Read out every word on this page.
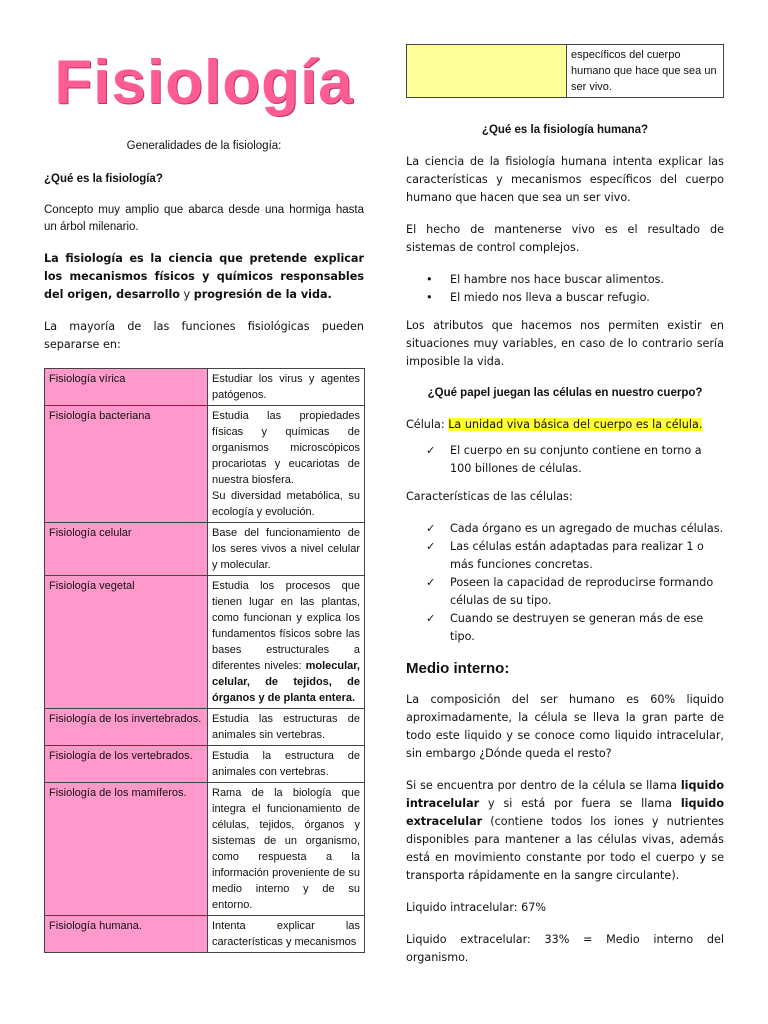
Fisiología
Generalidades de la fisiología:
¿Qué es la fisiología?
Concepto muy amplio que abarca desde una hormiga hasta un árbol milenario.
La fisiología es la ciencia que pretende explicar los mecanismos físicos y químicos responsables del origen, desarrollo y progresión de la vida.
La mayoría de las funciones fisiológicas pueden separarse en:
Fisiología vírica	Estudiar los virus y agentes patógenos.
Fisiología bacteriana	Estudia las propiedades físicas y químicas de organismos microscópicos procariotas y eucariotas de nuestra biosfera.
Su diversidad metabólica, su ecología y evolución.
Fisiología celular	Base del funcionamiento de los seres vivos a nivel celular y molecular.
Fisiología vegetal	Estudia los procesos que tienen lugar en las plantas, como funcionan y explica los fundamentos físicos sobre las bases estructurales a diferentes niveles: molecular, celular, de tejidos, de órganos y de planta entera.
Fisiología de los invertebrados.	Estudia las estructuras de animales sin vertebras.
Fisiología de los vertebrados.	Estudia la estructura de animales con vertebras.
Fisiología de los mamíferos.	Rama de la biología que integra el funcionamiento de células, tejidos, órganos y sistemas de un organismo, como respuesta a la información proveniente de su medio interno y de su entorno.
Fisiología humana.	Intenta explicar las características y mecanismos
	específicos del cuerpo humano que hace que sea un ser vivo.
¿Qué es la fisiología humana?
La ciencia de la fisiología humana intenta explicar las características y mecanismos específicos del cuerpo humano que hacen que sea un ser vivo.
El hecho de mantenerse vivo es el resultado de sistemas de control complejos.
• El hambre nos hace buscar alimentos.
• El miedo nos lleva a buscar refugio.
Los atributos que hacemos nos permiten existir en situaciones muy variables, en caso de lo contrario sería imposible la vida.
¿Qué papel juegan las células en nuestro cuerpo?
Célula: La unidad viva básica del cuerpo es la célula.
✓ El cuerpo en su conjunto contiene en torno a 100 billones de células.
Características de las células:
✓ Cada órgano es un agregado de muchas células.
✓ Las células están adaptadas para realizar 1 o más funciones concretas.
✓ Poseen la capacidad de reproducirse formando células de su tipo.
✓ Cuando se destruyen se generan más de ese tipo.
Medio interno:
La composición del ser humano es 60% liquido aproximadamente, la célula se lleva la gran parte de todo este liquido y se conoce como liquido intracelular, sin embargo ¿Dónde queda el resto?
Si se encuentra por dentro de la célula se llama liquido intracelular y si está por fuera se llama liquido extracelular (contiene todos los iones y nutrientes disponibles para mantener a las células vivas, además está en movimiento constante por todo el cuerpo y se transporta rápidamente en la sangre circulante).
Liquido intracelular: 67%
Liquido extracelular: 33% = Medio interno del organismo.
